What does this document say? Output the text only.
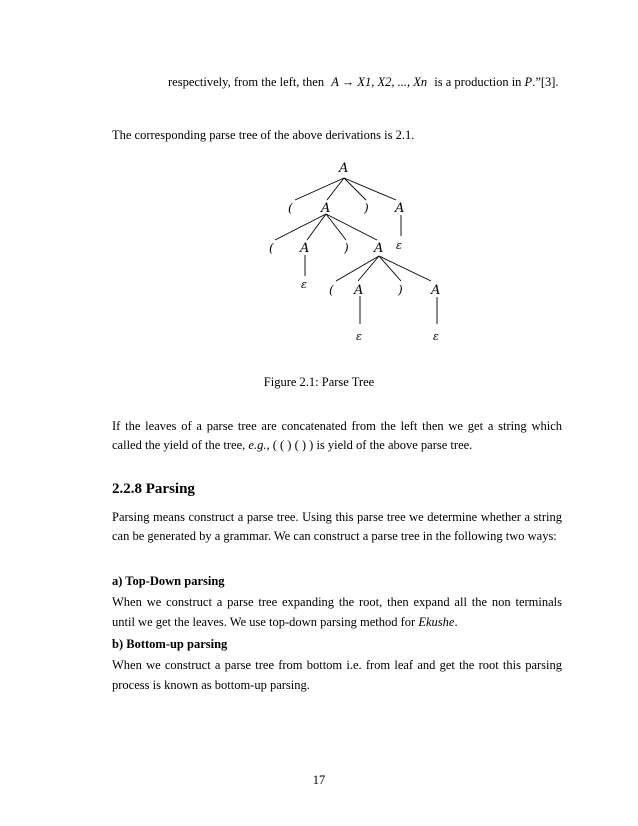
respectively, from the left, then A → X1, X2, ..., Xn is a production in P.”[3].
The corresponding parse tree of the above derivations is 2.1.
A
( A	) A
( A	) A ε
ε ( A	) A
ε	ε
Figure 2.1: Parse Tree
If the leaves of a parse tree are concatenated from the left then we get a string which
called the yield of the tree, e.g., ( ( ) ( ) ) is yield of the above parse tree.
2.2.8 Parsing
Parsing means construct a parse tree. Using this parse tree we determine whether a string
can be generated by a grammar. We can construct a parse tree in the following two ways:
a) Top-Down parsing
When we construct a parse tree expanding the root, then expand all the non terminals
until we get the leaves. We use top-down parsing method for Ekushe.
b) Bottom-up parsing
When we construct a parse tree from bottom i.e. from leaf and get the root this parsing
process is known as bottom-up parsing.
17
